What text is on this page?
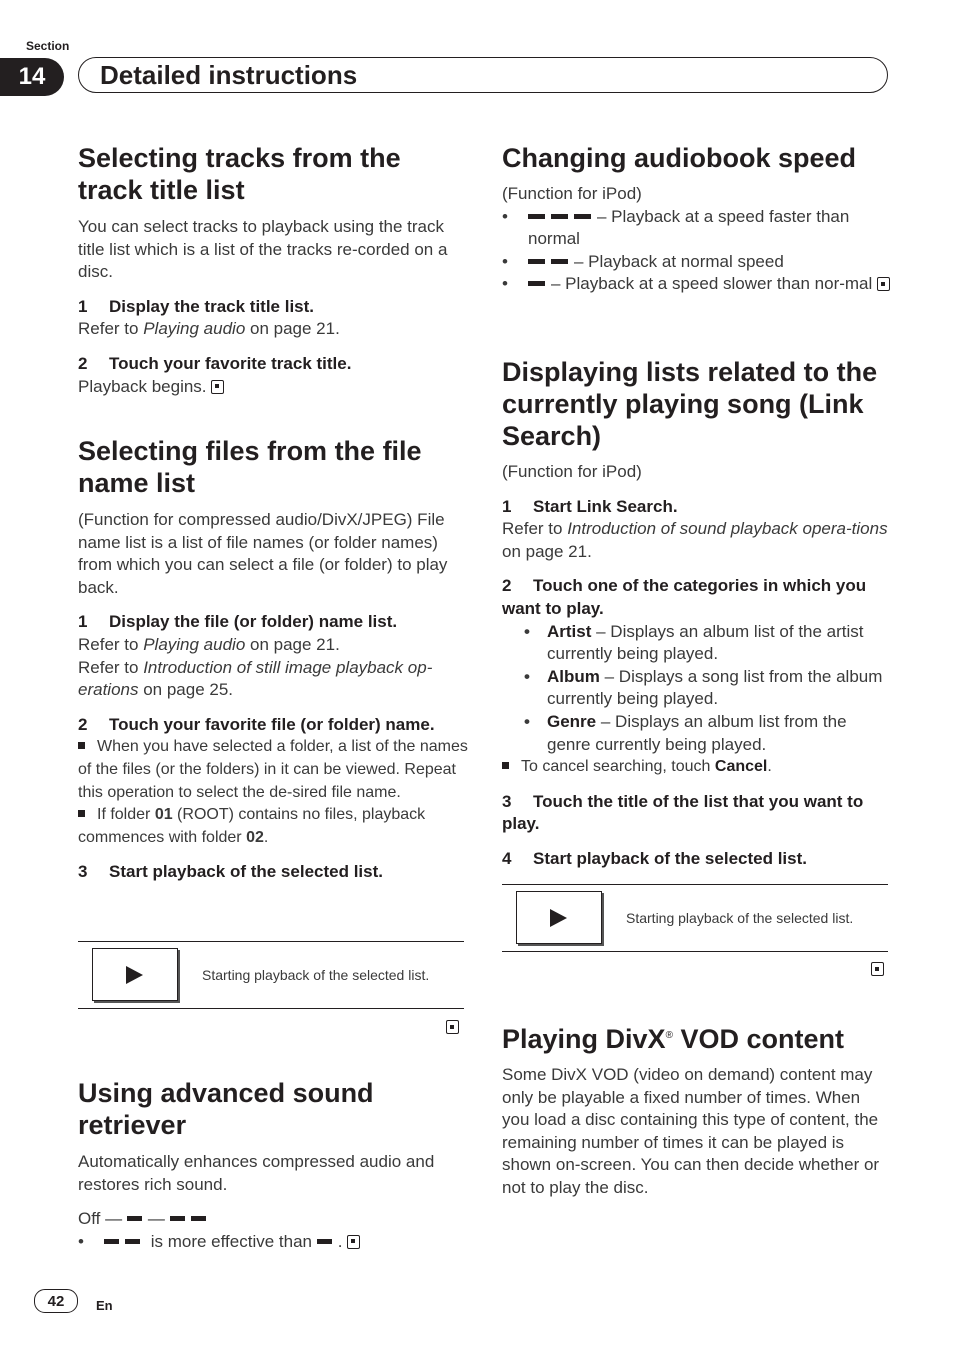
Section
14	Detailed instructions
Selecting tracks from the track title list
You can select tracks to playback using the track title list which is a list of the tracks re-corded on a disc.
1 Display the track title list.
Refer to Playing audio on page 21.
2 Touch your favorite track title.
Playback begins.
Selecting files from the file name list
(Function for compressed audio/DivX/JPEG) File name list is a list of file names (or folder names) from which you can select a file (or folder) to play back.
1 Display the file (or folder) name list.
Refer to Playing audio on page 21.
Refer to Introduction of still image playback op-erations on page 25.
2 Touch your favorite file (or folder) name.
When you have selected a folder, a list of the names of the files (or the folders) in it can be viewed. Repeat this operation to select the de-sired file name.
If folder 01 (ROOT) contains no files, playback commences with folder 02.
3 Start playback of the selected list.
Starting playback of the selected list.
Using advanced sound retriever
Automatically enhances compressed audio and restores rich sound.
Off — —
•	is more effective than .
Changing audiobook speed
(Function for iPod)
•	– Playback at a speed faster than normal
•	– Playback at normal speed
•	– Playback at a speed slower than nor-mal
Displaying lists related to the currently playing song (Link Search)
(Function for iPod)
1 Start Link Search.
Refer to Introduction of sound playback opera-tions on page 21.
2 Touch one of the categories in which you want to play.
•	Artist – Displays an album list of the artist currently being played.
•	Album – Displays a song list from the album currently being played.
•	Genre – Displays an album list from the genre currently being played.
To cancel searching, touch Cancel.
3 Touch the title of the list that you want to play.
4 Start playback of the selected list.
Starting playback of the selected list.
Playing DivX® VOD content
Some DivX VOD (video on demand) content may only be playable a fixed number of times. When you load a disc containing this type of content, the remaining number of times it can be played is shown on-screen. You can then decide whether or not to play the disc.
42	En
